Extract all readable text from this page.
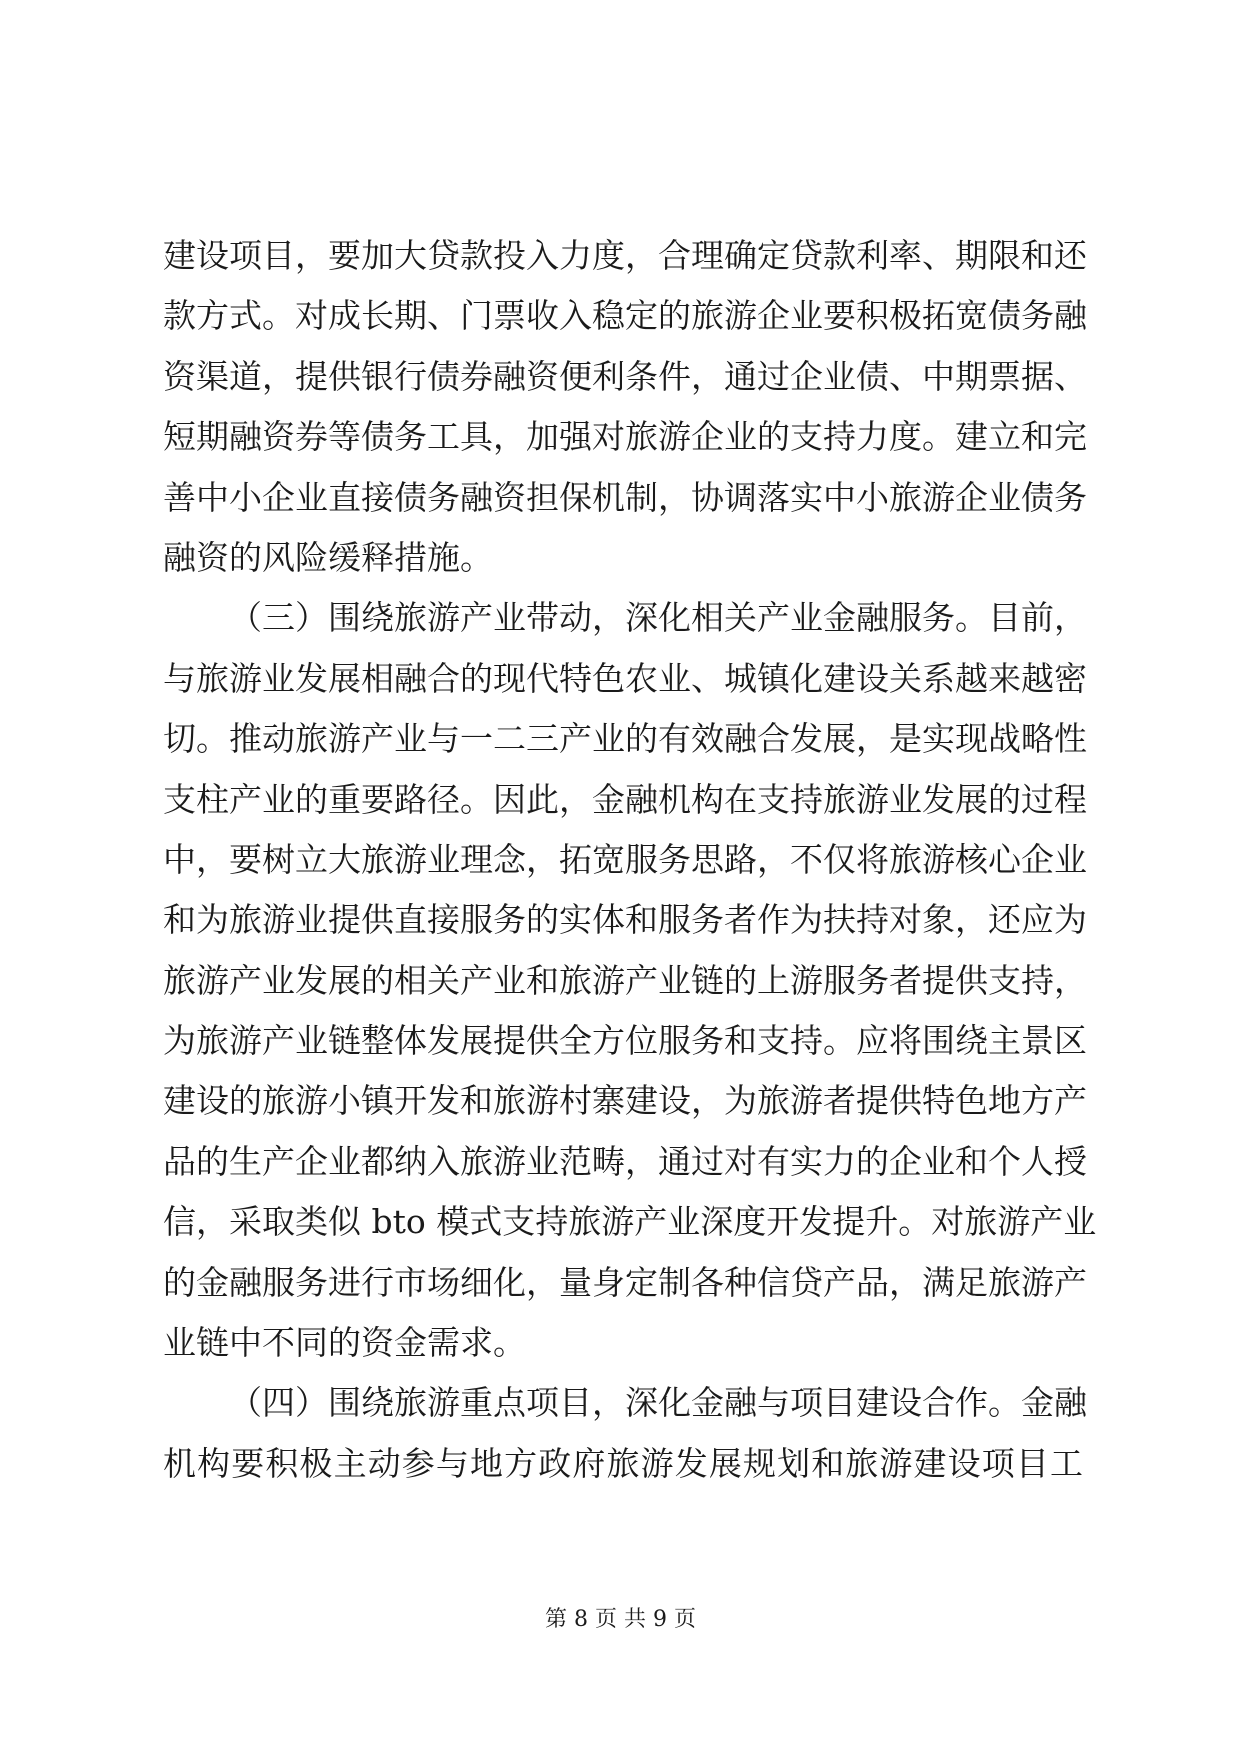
建设项目，要加大贷款投入力度，合理确定贷款利率、期限和还
款方式。对成长期、门票收入稳定的旅游企业要积极拓宽债务融
资渠道，提供银行债券融资便利条件，通过企业债、中期票据、
短期融资券等债务工具，加强对旅游企业的支持力度。建立和完
善中小企业直接债务融资担保机制，协调落实中小旅游企业债务
融资的风险缓释措施。
（三）围绕旅游产业带动，深化相关产业金融服务。目前，
与旅游业发展相融合的现代特色农业、城镇化建设关系越来越密
切。推动旅游产业与一二三产业的有效融合发展，是实现战略性
支柱产业的重要路径。因此，金融机构在支持旅游业发展的过程
中，要树立大旅游业理念，拓宽服务思路，不仅将旅游核心企业
和为旅游业提供直接服务的实体和服务者作为扶持对象，还应为
旅游产业发展的相关产业和旅游产业链的上游服务者提供支持，
为旅游产业链整体发展提供全方位服务和支持。应将围绕主景区
建设的旅游小镇开发和旅游村寨建设，为旅游者提供特色地方产
品的生产企业都纳入旅游业范畴，通过对有实力的企业和个人授
信，采取类似 bto 模式支持旅游产业深度开发提升。对旅游产业
的金融服务进行市场细化，量身定制各种信贷产品，满足旅游产
业链中不同的资金需求。
（四）围绕旅游重点项目，深化金融与项目建设合作。金融
机构要积极主动参与地方政府旅游发展规划和旅游建设项目工
第 8 页 共 9 页
